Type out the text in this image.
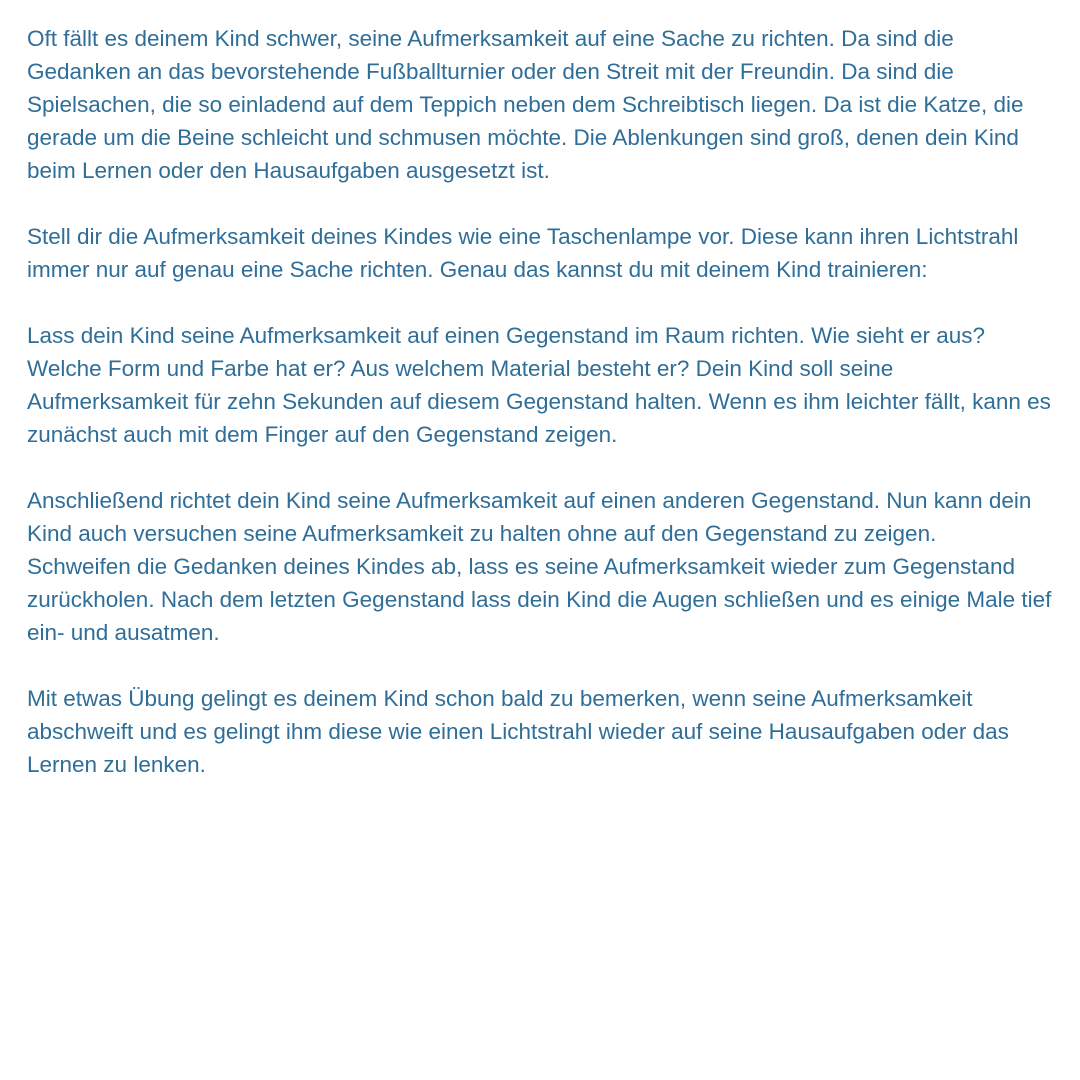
Oft fällt es deinem Kind schwer, seine Aufmerksamkeit auf eine Sache zu richten. Da sind die Gedanken an das bevorstehende Fußballturnier oder den Streit mit der Freundin. Da sind die Spielsachen, die so einladend auf dem Teppich neben dem Schreibtisch liegen. Da ist die Katze, die gerade um die Beine schleicht und schmusen möchte. Die Ablenkungen sind groß, denen dein Kind beim Lernen oder den Hausaufgaben ausgesetzt ist.

Stell dir die Aufmerksamkeit deines Kindes wie eine Taschenlampe vor. Diese kann ihren Lichtstrahl immer nur auf genau eine Sache richten. Genau das kannst du mit deinem Kind trainieren:

Lass dein Kind seine Aufmerksamkeit auf einen Gegenstand im Raum richten. Wie sieht er aus? Welche Form und Farbe hat er? Aus welchem Material besteht er? Dein Kind soll seine Aufmerksamkeit für zehn Sekunden auf diesem Gegenstand halten. Wenn es ihm leichter fällt, kann es zunächst auch mit dem Finger auf den Gegenstand zeigen.

Anschließend richtet dein Kind seine Aufmerksamkeit auf einen anderen Gegenstand. Nun kann dein Kind auch versuchen seine Aufmerksamkeit zu halten ohne auf den Gegenstand zu zeigen.

Schweifen die Gedanken deines Kindes ab, lass es seine Aufmerksamkeit wieder zum Gegenstand zurückholen. Nach dem letzten Gegenstand lass dein Kind die Augen schließen und es einige Male tief ein- und ausatmen.

Mit etwas Übung gelingt es deinem Kind schon bald zu bemerken, wenn seine Aufmerksamkeit abschweift und es gelingt ihm diese wie einen Lichtstrahl wieder auf seine Hausaufgaben oder das Lernen zu lenken.
